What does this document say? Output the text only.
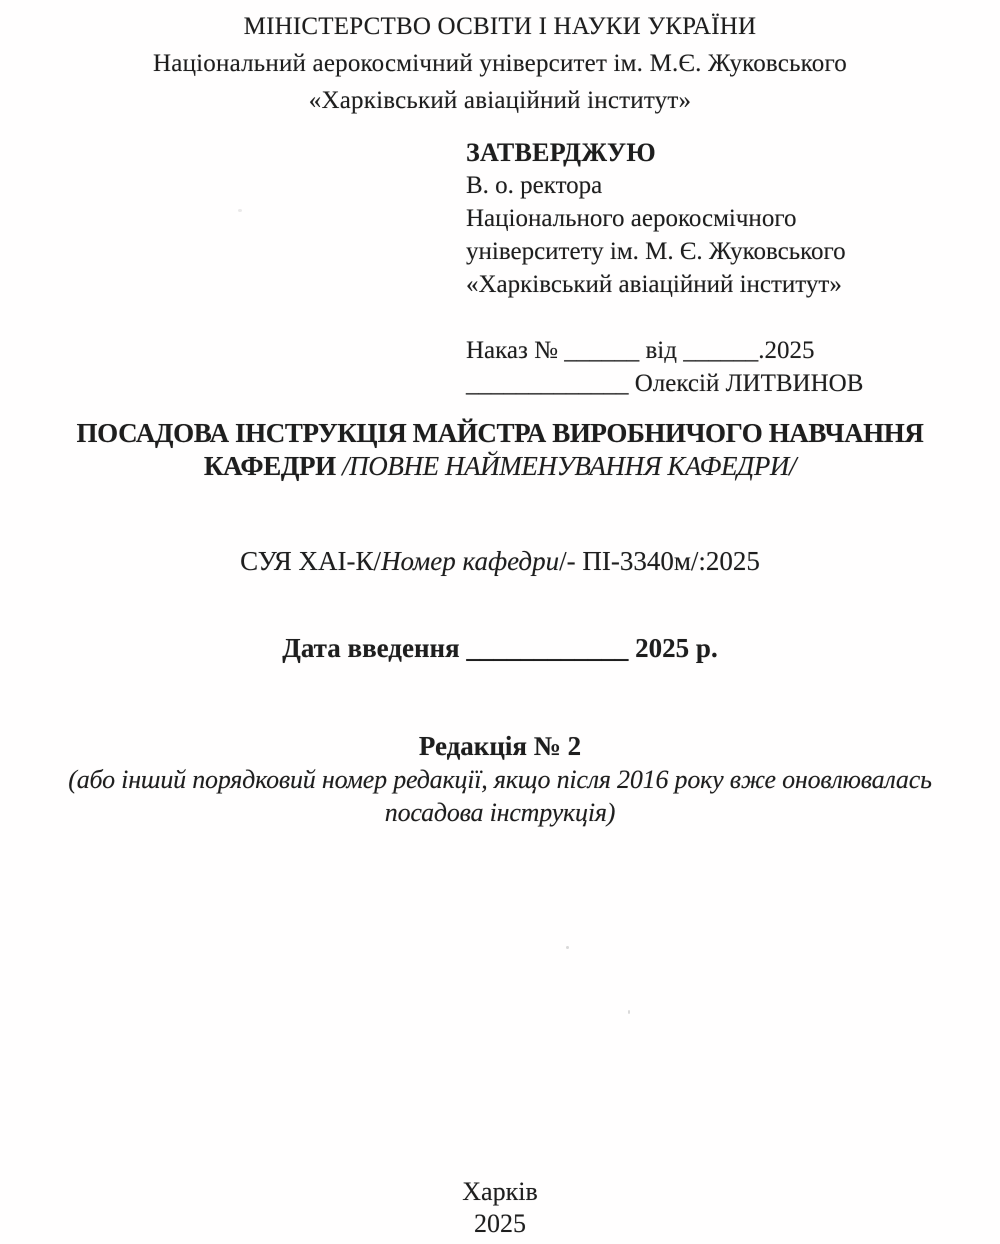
МІНІСТЕРСТВО ОСВІТИ І НАУКИ УКРАЇНИ
Національний аерокосмічний університет ім. М.Є. Жуковського
«Харківський авіаційний інститут»
ЗАТВЕРДЖУЮ
В. о. ректора
Національного аерокосмічного
університету ім. М. Є. Жуковського
«Харківський авіаційний інститут»
Наказ № ______ від ______.2025
_____________ Олексій ЛИТВИНОВ
ПОСАДОВА ІНСТРУКЦІЯ МАЙСТРА ВИРОБНИЧОГО НАВЧАННЯ
КАФЕДРИ /ПОВНЕ НАЙМЕНУВАННЯ КАФЕДРИ/
СУЯ ХАІ-К/Номер кафедри/- ПІ-3340м/:2025
Дата введення ____________ 2025 р.
Редакція № 2
(або інший порядковий номер редакції, якщо після 2016 року вже оновлювалась
посадова інструкція)
Харків
2025
